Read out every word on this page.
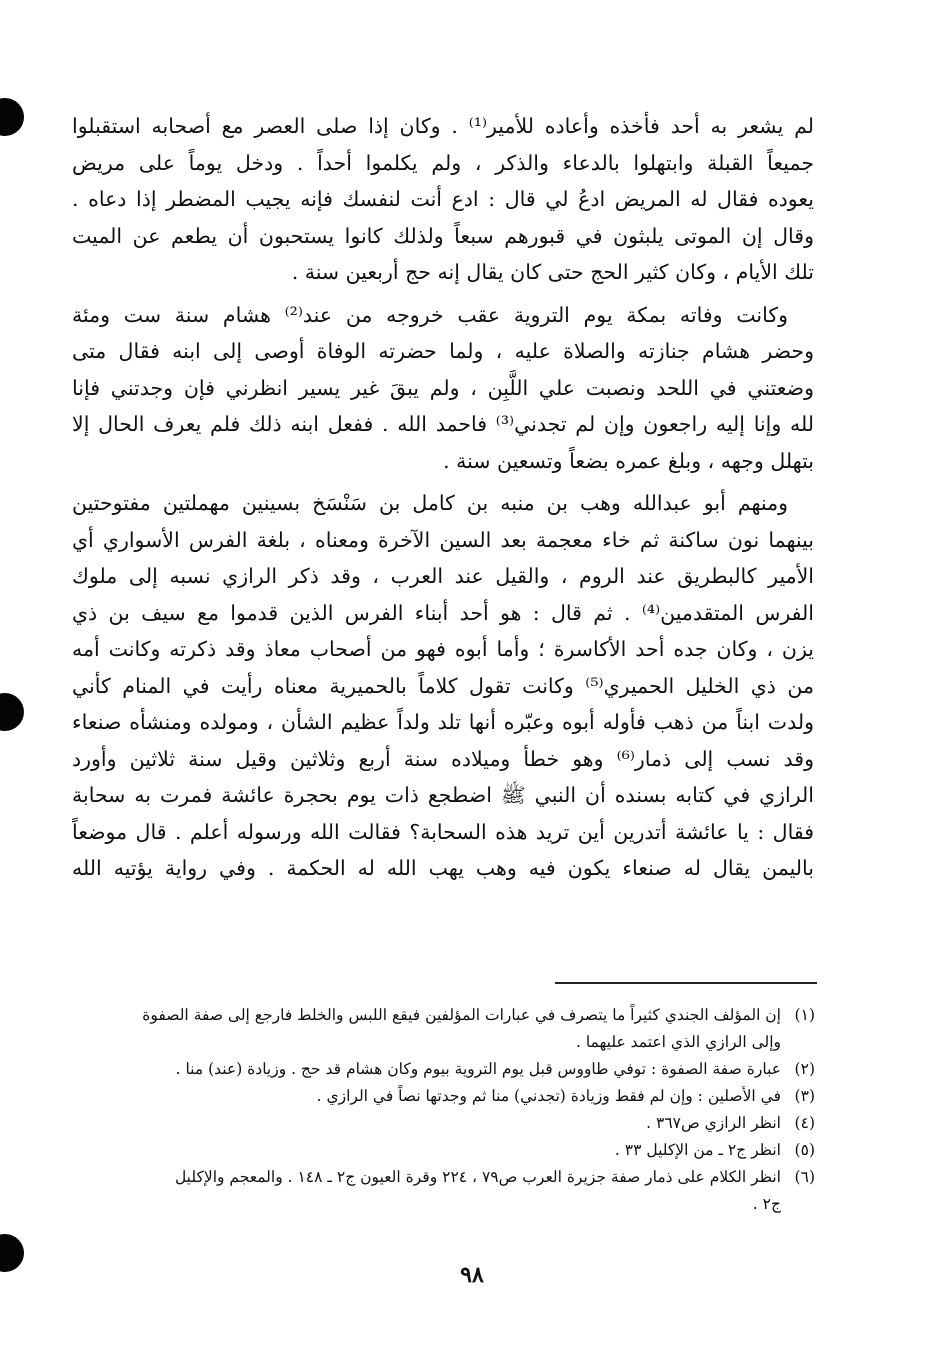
لم يشعر به أحد فأخذه وأعاده للأمير⁽¹⁾ . وكان إذا صلى العصر مع أصحابه استقبلوا
جميعاً القبلة وابتهلوا بالدعاء والذكر ، ولم يكلموا أحداً . ودخل يوماً على مريض
يعوده فقال له المريض ادعُ لي قال : ادع أنت لنفسك فإنه يجيب المضطر إذا دعاه .
وقال إن الموتى يلبثون في قبورهم سبعاً ولذلك كانوا يستحبون أن يطعم عن الميت
تلك الأيام ، وكان كثير الحج حتى كان يقال إنه حج أربعين سنة .
وكانت وفاته بمكة يوم التروية عقب خروجه من عند⁽²⁾ هشام سنة ست ومئة
وحضر هشام جنازته والصلاة عليه ، ولما حضرته الوفاة أوصى إلى ابنه فقال متى
وضعتني في اللحد ونصبت علي اللَّبِن ، ولم يبقَ غير يسير انظرني فإن وجدتني فإنا
لله وإنا إليه راجعون وإن لم تجدني⁽³⁾ فاحمد الله . ففعل ابنه ذلك فلم يعرف الحال إلا
بتهلل وجهه ، وبلغ عمره بضعاً وتسعين سنة .
ومنهم أبو عبدالله وهب بن منبه بن كامل بن سَنْسَخ بسينين مهملتين مفتوحتين
بينهما نون ساكنة ثم خاء معجمة بعد السين الآخرة ومعناه ، بلغة الفرس الأسواري أي
الأمير كالبطريق عند الروم ، والقيل عند العرب ، وقد ذكر الرازي نسبه إلى ملوك
الفرس المتقدمين⁽⁴⁾ . ثم قال : هو أحد أبناء الفرس الذين قدموا مع سيف بن ذي
يزن ، وكان جده أحد الأكاسرة ؛ وأما أبوه فهو من أصحاب معاذ وقد ذكرته وكانت أمه
من ذي الخليل الحميري⁽⁵⁾ وكانت تقول كلاماً بالحميرية معناه رأيت في المنام كأني
ولدت ابناً من ذهب فأوله أبوه وعبّره أنها تلد ولداً عظيم الشأن ، ومولده ومنشأه صنعاء
وقد نسب إلى ذمار⁽⁶⁾ وهو خطأ وميلاده سنة أربع وثلاثين وقيل سنة ثلاثين وأورد
الرازي في كتابه بسنده أن النبي ﷺ اضطجع ذات يوم بحجرة عائشة فمرت به سحابة
فقال : يا عائشة أتدرين أين تريد هذه السحابة؟ فقالت الله ورسوله أعلم . قال موضعاً
باليمن يقال له صنعاء يكون فيه وهب يهب الله له الحكمة . وفي رواية يؤتيه الله
(١)
إن المؤلف الجندي كثيراً ما يتصرف في عبارات المؤلفين فيقع اللبس والخلط فارجع إلى صفة الصفوة
وإلى الرازي الذي اعتمد عليهما .
(٢)
عبارة صفة الصفوة : توفي طاووس قبل يوم التروية بيوم وكان هشام قد حج . وزيادة (عند) منا .
(٣)
في الأصلين : وإن لم فقط وزيادة (تجدني) منا ثم وجدتها نصاً في الرازي .
(٤)
انظر الرازي ص٣٦٧ .
(٥)
انظر ج٢ ـ من الإكليل ٣٣ .
(٦)
انظر الكلام على ذمار صفة جزيرة العرب ص٧٩ ، ٢٢٤ وقرة العيون ج٢ ـ ١٤٨ . والمعجم والإكليل
ج٢ .
٩٨
